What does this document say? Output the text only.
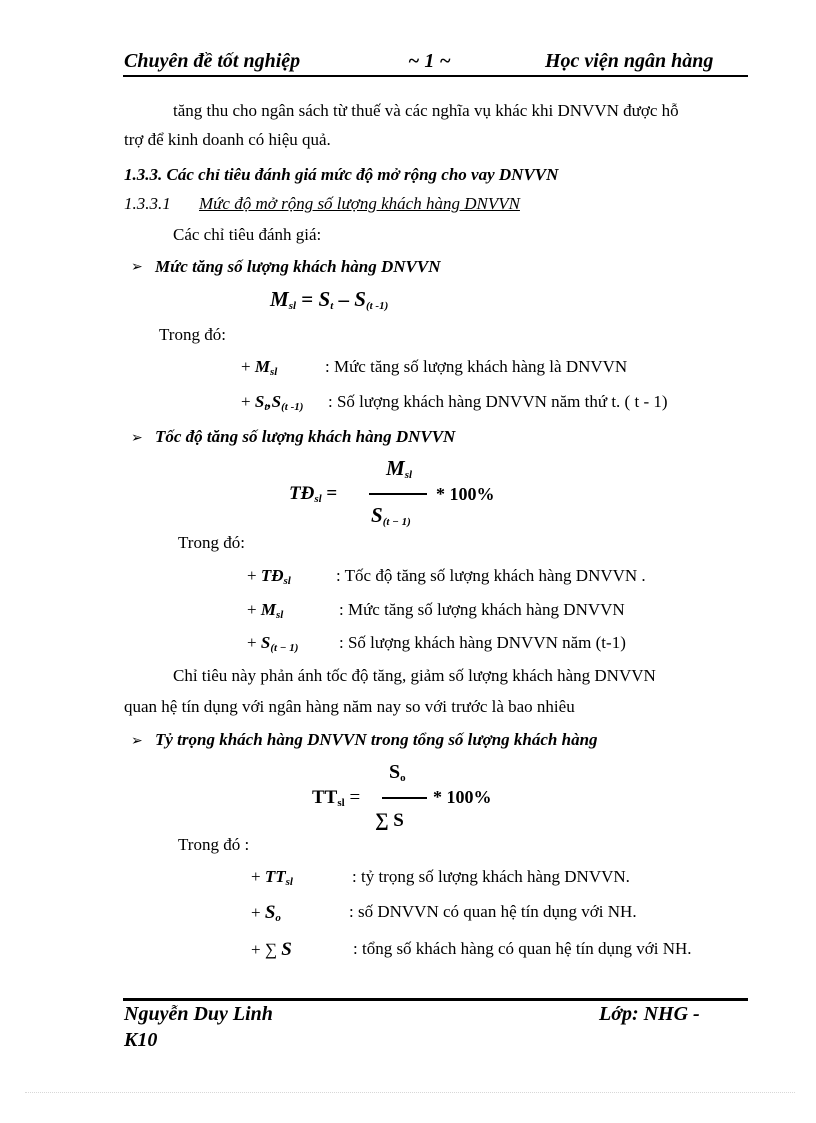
Chuyên đề tốt nghiệp	~ 1 ~	Học viện ngân hàng
tăng thu cho ngân sách từ thuế và các nghĩa vụ khác khi DNVVN được hỗ
trợ để kinh doanh có hiệu quả.
1.3.3. Các chỉ tiêu đánh giá mức độ mở rộng cho vay DNVVN
1.3.3.1 Mức độ mở rộng số lượng khách hàng DNVVN
Các chỉ tiêu đánh giá:
➢ Mức tăng số lượng khách hàng DNVVN
$M_{sl} = S_t - S_{(t -1)}$
Trong đó:
+ $M_{sl}$	: Mức tăng số lượng khách hàng là DNVVN
+ $S_t,S_{(t -1)}$ : Số lượng khách hàng DNVVN năm thứ t. ( t - 1)
➢ Tốc độ tăng số lượng khách hàng DNVVN
$TĐ_{sl}$ =
$M_{sl}$
$S_{(t - 1)}$
* 100%
Trong đó:
+ $TĐ_{sl}$	: Tốc độ tăng số lượng khách hàng DNVVN .
+ $M_{sl}$	: Mức tăng số lượng khách hàng DNVVN
+ $S_{(t - 1)}$ : Số lượng khách hàng DNVVN năm (t-1)
Chỉ tiêu này phản ánh tốc độ tăng, giảm số lượng khách hàng DNVVN
quan hệ tín dụng với ngân hàng năm nay so với trước là bao nhiêu
➢ Tỷ trọng khách hàng DNVVN trong tổng số lượng khách hàng
$TT_{sl}$ =
$S_o$
∑ S
* 100%
Trong đó :
+ $TT_{sl}$	: tỷ trọng số lượng khách hàng DNVVN.
+ $S_o$	: số DNVVN có quan hệ tín dụng với NH.
+ ∑ S	: tổng số khách hàng có quan hệ tín dụng với NH.
Nguyễn Duy Linh	Lớp: NHG -
K10
